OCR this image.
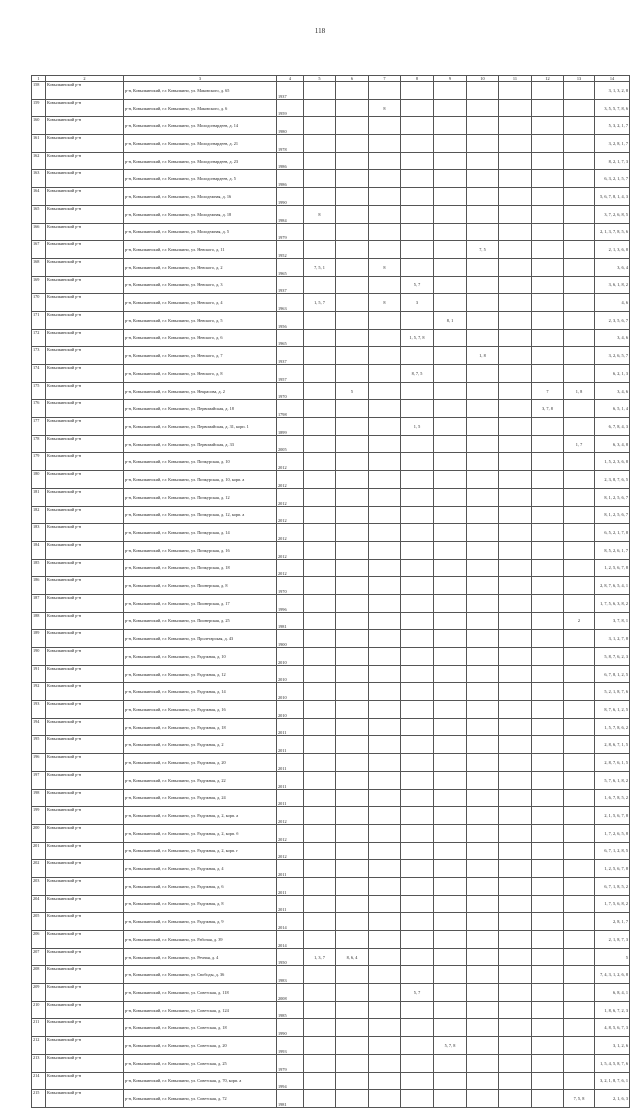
118
1	2	3	4	5	6	7	8	9	10	11	12	13	14
158	Ковылкинский р-н	р-н, Ковылкинский, г.г. Ковылкино, ул. Маковского, д. 65	1937										3, 1, 3, 2, 8
159	Ковылкинский р-н	р-н, Ковылкинский, г.г. Ковылкино, ул. Маковского, д. 6	1959			8							3, 5, 5, 7, 8, 6
160	Ковылкинский р-н	р-н, Ковылкинский, г.г. Ковылкино, ул. Молодогвардеев, д. 14	1980										5, 3, 2, 1, 7
161	Ковылкинский р-н	р-н, Ковылкинский, г.г. Ковылкино, ул. Молодогвардеев, д. 21	1978										3, 2, 8, 1, 7
162	Ковылкинский р-н	р-н, Ковылкинский, г.г. Ковылкино, ул. Молодогвардеев, д. 23	1986										8, 2, 1, 7, 3
163	Ковылкинский р-н	р-н, Ковылкинский, г.г. Ковылкино, ул. Молодогвардеев, д. 5	1986										6, 3, 2, 1, 5, 7
164	Ковылкинский р-н	р-н, Ковылкинский, г.г. Ковылкино, ул. Молодежная, д. 16	1990										5, 6, 7, 8, 1, 4, 3
165	Ковылкинский р-н	р-н, Ковылкинский, г.г. Ковылкино, ул. Молодежная, д. 18	1984	8									3, 7, 2, 6, 8, 5
166	Ковылкинский р-н	р-н, Ковылкинский, г.г. Ковылкино, ул. Молодежная, д. 5	1979										2, 1, 3, 7, 8, 5, 6
167	Ковылкинский р-н	р-н, Ковылкинский, г.г. Ковылкино, ул. Невского, д. 11	1952						7, 5				2, 1, 3, 6, 8
168	Ковылкинский р-н	р-н, Ковылкинский, г.г. Ковылкино, ул. Невского, д. 2	1965	7, 5, 1		8							3, 6, 4
169	Ковылкинский р-н	р-н, Ковылкинский, г.г. Ковылкино, ул. Невского, д. 3	1937				5, 7						3, 6, 1, 8, 2
170	Ковылкинский р-н	р-н, Ковылкинский, г.г. Ковылкино, ул. Невского, д. 4	1963	1, 5, 7		8	3						4, 6
171	Ковылкинский р-н	р-н, Ковылкинский, г.г. Ковылкино, ул. Невского, д. 5	1956					8, 1					2, 3, 5, 6, 7
172	Ковылкинский р-н	р-н, Ковылкинский, г.г. Ковылкино, ул. Невского, д. 6	1965				1, 5, 7, 8						3, 4, 6
173	Ковылкинский р-н	р-н, Ковылкинский, г.г. Ковылкино, ул. Невского, д. 7	1937						1, 8				3, 2, 6, 5, 7
174	Ковылкинский р-н	р-н, Ковылкинский, г.г. Ковылкино, ул. Невского, д. 8	1957				8, 7, 5						6, 2, 1, 3
175	Ковылкинский р-н	р-н, Ковылкинский, г.г. Ковылкино, ул. Некрасова, д. 2	1970		5						7	1, 8	3, 4, 6
176	Ковылкинский р-н	р-н, Ковылкинский, г.г. Ковылкино, ул. Первомайская, д. 18	1798								3, 7, 8		6, 5, 1, 4
177	Ковылкинский р-н	р-н, Ковылкинский, г.г. Ковылкино, ул. Первомайская, д. 31, корп. 1	1899				1, 5						6, 7, 8, 4, 3
178	Ковылкинский р-н	р-н, Ковылкинский, г.г. Ковылкино, ул. Первомайская, д. 33	2005									1, 7	6, 3, 4, 8
179	Ковылкинский р-н	р-н, Ковылкинский, г.г. Ковылкино, ул. Пичкурская, д. 10	2012										1, 5, 2, 3, 6, 8
180	Ковылкинский р-н	р-н, Ковылкинский, г.г. Ковылкино, ул. Пичкурская, д. 10, корп. а	2012										2, 3, 8, 7, 6, 5
181	Ковылкинский р-н	р-н, Ковылкинский, г.г. Ковылкино, ул. Пичкурская, д. 12	2012										8, 1, 2, 5, 6, 7
182	Ковылкинский р-н	р-н, Ковылкинский, г.г. Ковылкино, ул. Пичкурская, д. 12, корп. а	2012										8, 1, 2, 5, 6, 7
183	Ковылкинский р-н	р-н, Ковылкинский, г.г. Ковылкино, ул. Пичкурская, д. 14	2012										6, 5, 2, 1, 7, 8
184	Ковылкинский р-н	р-н, Ковылкинский, г.г. Ковылкино, ул. Пичкурская, д. 16	2012										8, 5, 2, 6, 1, 7
185	Ковылкинский р-н	р-н, Ковылкинский, г.г. Ковылкино, ул. Пичкурская, д. 18	2012										1, 2, 5, 6, 7, 8
186	Ковылкинский р-н	р-н, Ковылкинский, г.г. Ковылкино, ул. Пионерская, д. 8	1970										2, 8, 7, 6, 5, 4, 1
187	Ковылкинский р-н	р-н, Ковылкинский, г.г. Ковылкино, ул. Пионерская, д. 17	1996										1, 7, 5, 6, 3, 8, 2
188	Ковылкинский р-н	р-н, Ковылкинский, г.г. Ковылкино, ул. Пионерская, д. 25	1981									2	3, 7, 8, 1
189	Ковылкинский р-н	р-н, Ковылкинский, г.г. Ковылкино, ул. Пролетарская, д. 43	1900										3, 1, 2, 7, 8
190	Ковылкинский р-н	р-н, Ковылкинский, г.г. Ковылкино, ул. Радужная, д. 10	2010										5, 8, 7, 6, 2, 3
191	Ковылкинский р-н	р-н, Ковылкинский, г.г. Ковылкино, ул. Радужная, д. 12	2010										6, 7, 8, 1, 2, 5
192	Ковылкинский р-н	р-н, Ковылкинский, г.г. Ковылкино, ул. Радужная, д. 14	2010										5, 2, 1, 8, 7, 6
193	Ковылкинский р-н	р-н, Ковылкинский, г.г. Ковылкино, ул. Радужная, д. 16	2010										8, 7, 6, 1, 2, 5
194	Ковылкинский р-н	р-н, Ковылкинский, г.г. Ковылкино, ул. Радужная, д. 18	2011										1, 5, 7, 8, 6, 2
195	Ковылкинский р-н	р-н, Ковылкинский, г.г. Ковылкино, ул. Радужная, д. 2	2011										2, 8, 6, 7, 1, 5
196	Ковылкинский р-н	р-н, Ковылкинский, г.г. Ковылкино, ул. Радужная, д. 20	2011										2, 8, 7, 6, 1, 5
197	Ковылкинский р-н	р-н, Ковылкинский, г.г. Ковылкино, ул. Радужная, д. 22	2011										5, 7, 6, 1, 8, 2
198	Ковылкинский р-н	р-н, Ковылкинский, г.г. Ковылкино, ул. Радужная, д. 24	2011										1, 6, 7, 8, 5, 2
199	Ковылкинский р-н	р-н, Ковылкинский, г.г. Ковылкино, ул. Радужная, д. 2, корп. а	2012										2, 1, 5, 6, 7, 8
200	Ковылкинский р-н	р-н, Ковылкинский, г.г. Ковылкино, ул. Радужная, д. 2, корп. б	2012										1, 7, 2, 6, 5, 8
201	Ковылкинский р-н	р-н, Ковылкинский, г.г. Ковылкино, ул. Радужная, д. 2, корп. г	2012										6, 7, 1, 2, 8, 5
202	Ковылкинский р-н	р-н, Ковылкинский, г.г. Ковылкино, ул. Радужная, д. 4	2011										1, 2, 5, 6, 7, 8
203	Ковылкинский р-н	р-н, Ковылкинский, г.г. Ковылкино, ул. Радужная, д. 6	2011										6, 7, 1, 8, 5, 2
204	Ковылкинский р-н	р-н, Ковылкинский, г.г. Ковылкино, ул. Радужная, д. 8	2011										1, 7, 5, 6, 8, 2
205	Ковылкинский р-н	р-н, Ковылкинский, г.г. Ковылкино, ул. Радужная, д. 9	2014										2, 8, 1, 7
206	Ковылкинский р-н	р-н, Ковылкинский, г.г. Ковылкино, ул. Рабочая, д. 39	2014										2, 1, 8, 7, 3
207	Ковылкинский р-н	р-н, Ковылкинский, г.г. Ковылкино, ул. Речная, д. 4	1950	1, 3, 7	8, 6, 4								5
208	Ковылкинский р-н	р-н, Ковылкинский, г.г. Ковылкино, ул. Свободы, д. 36	1983										7, 4, 3, 1, 2, 6, 8
209	Ковылкинский р-н	р-н, Ковылкинский, г.г. Ковылкино, ул. Советская, д. 118	2008				5, 7						6, 8, 4, 1
210	Ковылкинский р-н	р-н, Ковылкинский, г.г. Ковылкино, ул. Советская, д. 124	1985										1, 8, 6, 7, 2, 3
211	Ковылкинский р-н	р-н, Ковылкинский, г.г. Ковылкино, ул. Советская, д. 18	1990										4, 8, 5, 6, 7, 3
212	Ковылкинский р-н	р-н, Ковылкинский, г.г. Ковылкино, ул. Советская, д. 20	1993					5, 7, 8					3, 1, 2, 6
213	Ковылкинский р-н	р-н, Ковылкинский, г.г. Ковылкино, ул. Советская, д. 25	1979										1, 5, 4, 5, 8, 7, 6
214	Ковылкинский р-н	р-н, Ковылкинский, г.г. Ковылкино, ул. Советская, д. 70, корп. а	1994										3, 2, 1, 8, 7, 6, 1
215	Ковылкинский р-н	р-н, Ковылкинский, г.г. Ковылкино, ул. Советская, д. 72	1981									7, 5, 8	2, 1, 6, 3
